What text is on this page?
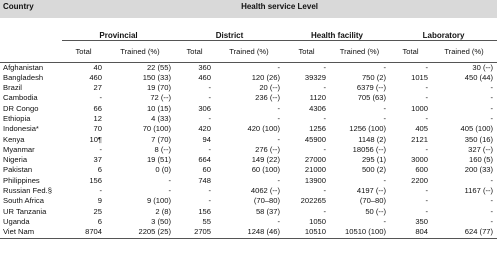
Country	Health service Level							

	Provincial		District		Health facility		Laboratory	
	Total	Trained (%)	Total	Trained (%)	Total	Trained (%)	Total	Trained (%)
Afghanistan	40	22 (55)	360	-	-	-	-	30 (--)
Bangladesh	460	150 (33)	460	120 (26)	39329	750 (2)	1015	450 (44)
Brazil	27	19 (70)	-	20 (--)	-	6379 (--)	-	-
Cambodia	-	72 (--)	-	236 (--)	1120	705 (63)	-	-
DR Congo	66	10 (15)	306	-	4306	-	1000	-
Ethiopia	12	4 (33)	-	-	-	-	-	-
Indonesia*	70	70 (100)	420	420 (100)	1256	1256 (100)	405	405 (100)
Kenya	10¶	7 (70)	94	-	45900	1148 (2)	2121	350 (16)
Myanmar	-	8 (--)	-	276 (--)	-	18056 (--)	-	327 (--)
Nigeria	37	19 (51)	664	149 (22)	27000	295 (1)	3000	160 (5)
Pakistan	6	0 (0)	60	60 (100)	21000	500 (2)	600	200 (33)
Philippines	156	-	748	-	13900	-	2200	-
Russian Fed.§	-	-	-	4062 (--)	-	4197 (--)	-	1167 (--)
South Africa	9	9 (100)	-	(70–80)	202265	(70–80)	-	-
UR Tanzania	25	2 (8)	156	58 (37)	-	50 (--)	-	-
Uganda	6	3 (50)	55	-	1050	-	350	-
Viet Nam	8704	2205 (25)	2705	1248 (46)	10510	10510 (100)	804	624 (77)
